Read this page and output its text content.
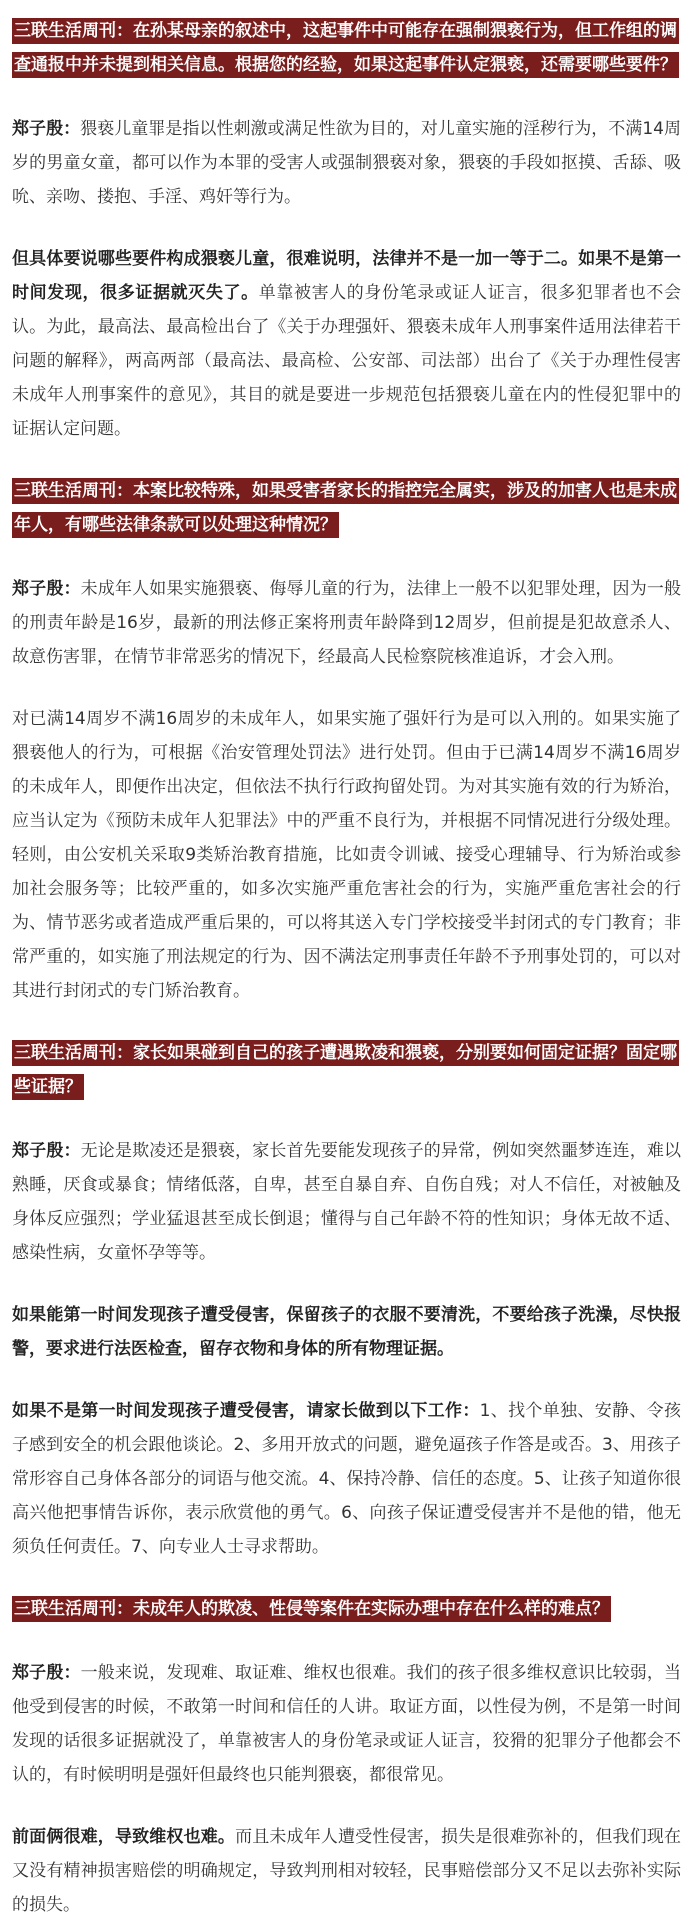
三联生活周刊：在孙某母亲的叙述中，这起事件中可能存在强制猥亵行为，但工作组的调查通报中并未提到相关信息。根据您的经验，如果这起事件认定猥亵，还需要哪些要件？
郑子殷：猥亵儿童罪是指以性刺激或满足性欲为目的，对儿童实施的淫秽行为，不满14周岁的男童女童，都可以作为本罪的受害人或强制猥亵对象，猥亵的手段如抠摸、舌舔、吸吮、亲吻、搂抱、手淫、鸡奸等行为。
但具体要说哪些要件构成猥亵儿童，很难说明，法律并不是一加一等于二。如果不是第一时间发现，很多证据就灭失了。单靠被害人的身份笔录或证人证言，很多犯罪者也不会认。为此，最高法、最高检出台了《关于办理强奸、猥亵未成年人刑事案件适用法律若干问题的解释》，两高两部（最高法、最高检、公安部、司法部）出台了《关于办理性侵害未成年人刑事案件的意见》，其目的就是要进一步规范包括猥亵儿童在内的性侵犯罪中的证据认定问题。
三联生活周刊：本案比较特殊，如果受害者家长的指控完全属实，涉及的加害人也是未成年人，有哪些法律条款可以处理这种情况？
郑子殷：未成年人如果实施猥亵、侮辱儿童的行为，法律上一般不以犯罪处理，因为一般的刑责年龄是16岁，最新的刑法修正案将刑责年龄降到12周岁，但前提是犯故意杀人、故意伤害罪，在情节非常恶劣的情况下，经最高人民检察院核准追诉，才会入刑。
对已满14周岁不满16周岁的未成年人，如果实施了强奸行为是可以入刑的。如果实施了猥亵他人的行为，可根据《治安管理处罚法》进行处罚。但由于已满14周岁不满16周岁的未成年人，即便作出决定，但依法不执行行政拘留处罚。为对其实施有效的行为矫治，应当认定为《预防未成年人犯罪法》中的严重不良行为，并根据不同情况进行分级处理。轻则，由公安机关采取9类矫治教育措施，比如责令训诫、接受心理辅导、行为矫治或参加社会服务等；比较严重的，如多次实施严重危害社会的行为，实施严重危害社会的行为、情节恶劣或者造成严重后果的，可以将其送入专门学校接受半封闭式的专门教育；非常严重的，如实施了刑法规定的行为、因不满法定刑事责任年龄不予刑事处罚的，可以对其进行封闭式的专门矫治教育。
三联生活周刊：家长如果碰到自己的孩子遭遇欺凌和猥亵，分别要如何固定证据？固定哪些证据？
郑子殷：无论是欺凌还是猥亵，家长首先要能发现孩子的异常，例如突然噩梦连连，难以熟睡，厌食或暴食；情绪低落，自卑，甚至自暴自弃、自伤自残；对人不信任，对被触及身体反应强烈；学业猛退甚至成长倒退；懂得与自己年龄不符的性知识；身体无故不适、感染性病，女童怀孕等等。
如果能第一时间发现孩子遭受侵害，保留孩子的衣服不要清洗，不要给孩子洗澡，尽快报警，要求进行法医检查，留存衣物和身体的所有物理证据。
如果不是第一时间发现孩子遭受侵害，请家长做到以下工作：1、找个单独、安静、令孩子感到安全的机会跟他谈论。2、多用开放式的问题，避免逼孩子作答是或否。3、用孩子常形容自己身体各部分的词语与他交流。4、保持冷静、信任的态度。5、让孩子知道你很高兴他把事情告诉你，表示欣赏他的勇气。6、向孩子保证遭受侵害并不是他的错，他无须负任何责任。7、向专业人士寻求帮助。
三联生活周刊：未成年人的欺凌、性侵等案件在实际办理中存在什么样的难点？
郑子殷：一般来说，发现难、取证难、维权也很难。我们的孩子很多维权意识比较弱，当他受到侵害的时候，不敢第一时间和信任的人讲。取证方面，以性侵为例，不是第一时间发现的话很多证据就没了，单靠被害人的身份笔录或证人证言，狡猾的犯罪分子他都会不认的，有时候明明是强奸但最终也只能判猥亵，都很常见。
前面俩很难，导致维权也难。而且未成年人遭受性侵害，损失是很难弥补的，但我们现在又没有精神损害赔偿的明确规定，导致判刑相对较轻，民事赔偿部分又不足以去弥补实际的损失。
